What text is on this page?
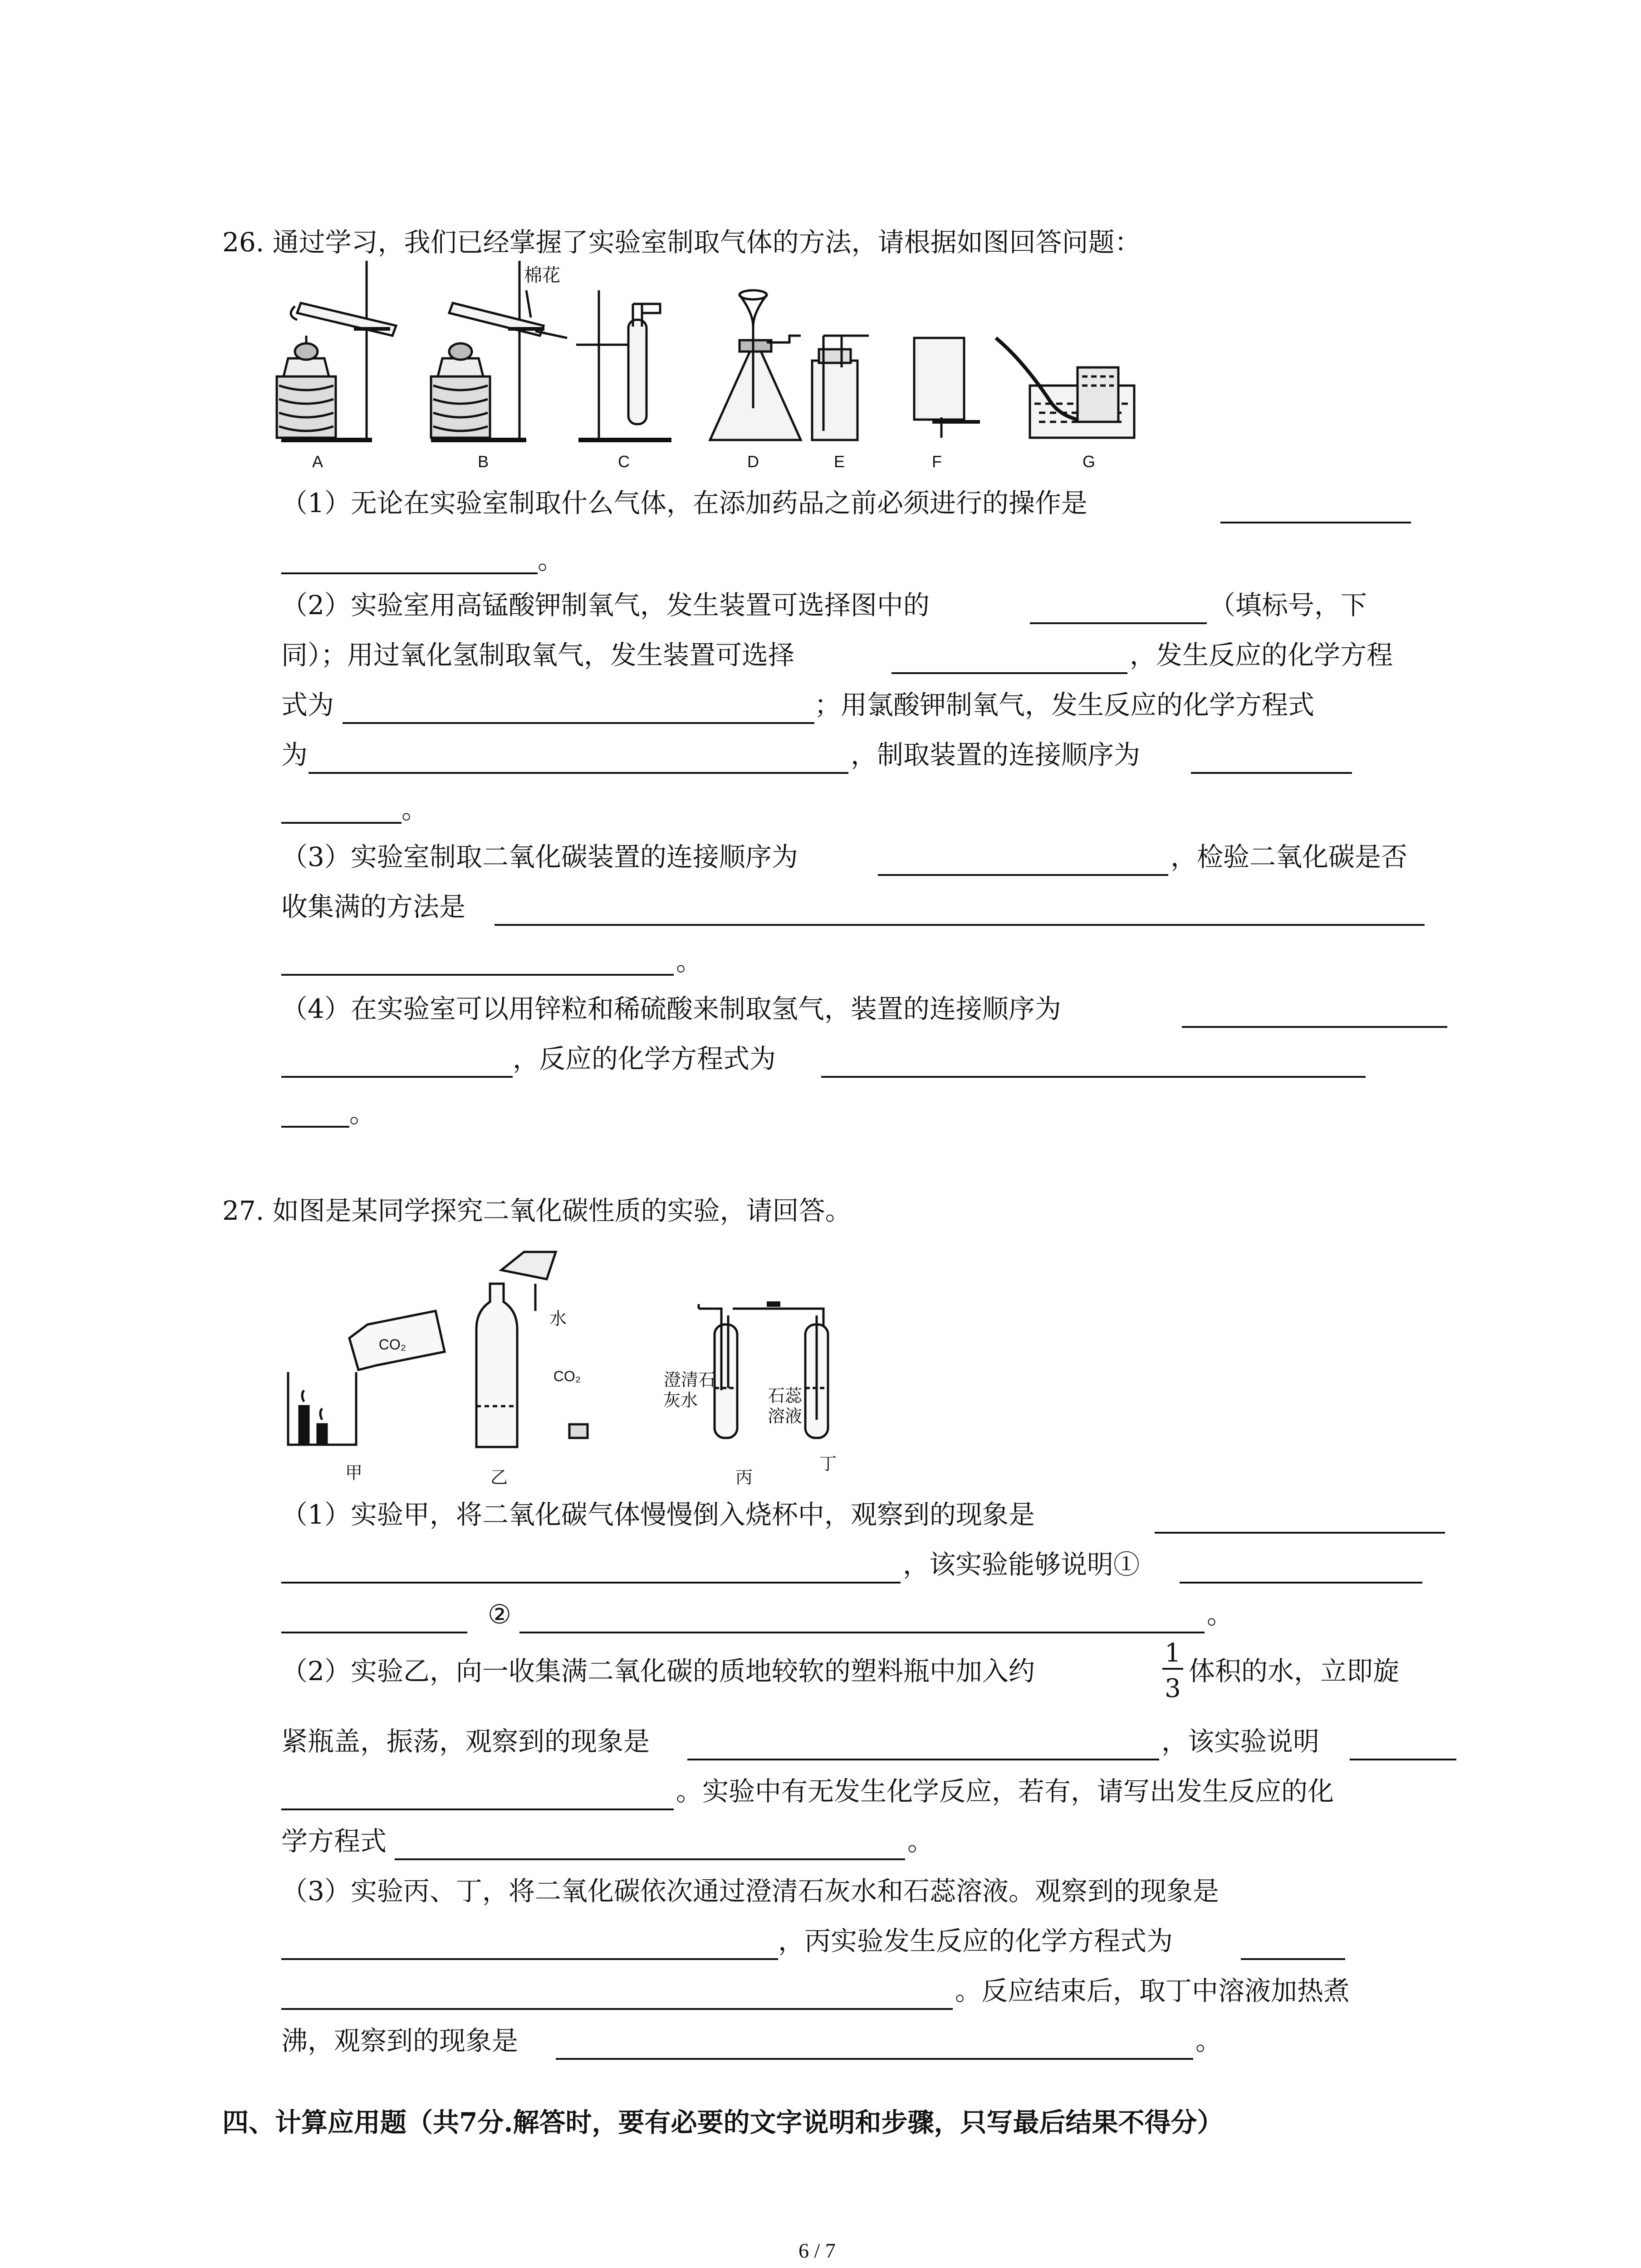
26. 通过学习，我们已经掌握了实验室制取气体的方法，请根据如图回答问题：
A	B	C	D	E	F	G
棉花
甲	乙	丙
丁
CO₂
CO₂
水
澄清石
灰水	石蕊
溶液
（1）无论在实验室制取什么气体，在添加药品之前必须进行的操作是
。
（2）实验室用高锰酸钾制氧气，发生装置可选择图中的	（填标号，下
同）；用过氧化氢制取氧气，发生装置可选择	，发生反应的化学方程
式为	；用氯酸钾制氧气，发生反应的化学方程式
为	，制取装置的连接顺序为
。
（3）实验室制取二氧化碳装置的连接顺序为	，检验二氧化碳是否
收集满的方法是
。
（4）在实验室可以用锌粒和稀硫酸来制取氢气，装置的连接顺序为
，反应的化学方程式为
。
27. 如图是某同学探究二氧化碳性质的实验，请回答。
（1）实验甲，将二氧化碳气体慢慢倒入烧杯中，观察到的现象是
，该实验能够说明①
②	。
（2）实验乙，向一收集满二氧化碳的质地较软的塑料瓶中加入约
1
3
体积的水，立即旋
紧瓶盖，振荡，观察到的现象是	，该实验说明
。实验中有无发生化学反应，若有，请写出发生反应的化
学方程式	。
（3）实验丙、丁，将二氧化碳依次通过澄清石灰水和石蕊溶液。观察到的现象是
，丙实验发生反应的化学方程式为
。反应结束后，取丁中溶液加热煮
沸，观察到的现象是	。
四、计算应用题（共7分.解答时，要有必要的文字说明和步骤，只写最后结果不得分）
6 / 7
